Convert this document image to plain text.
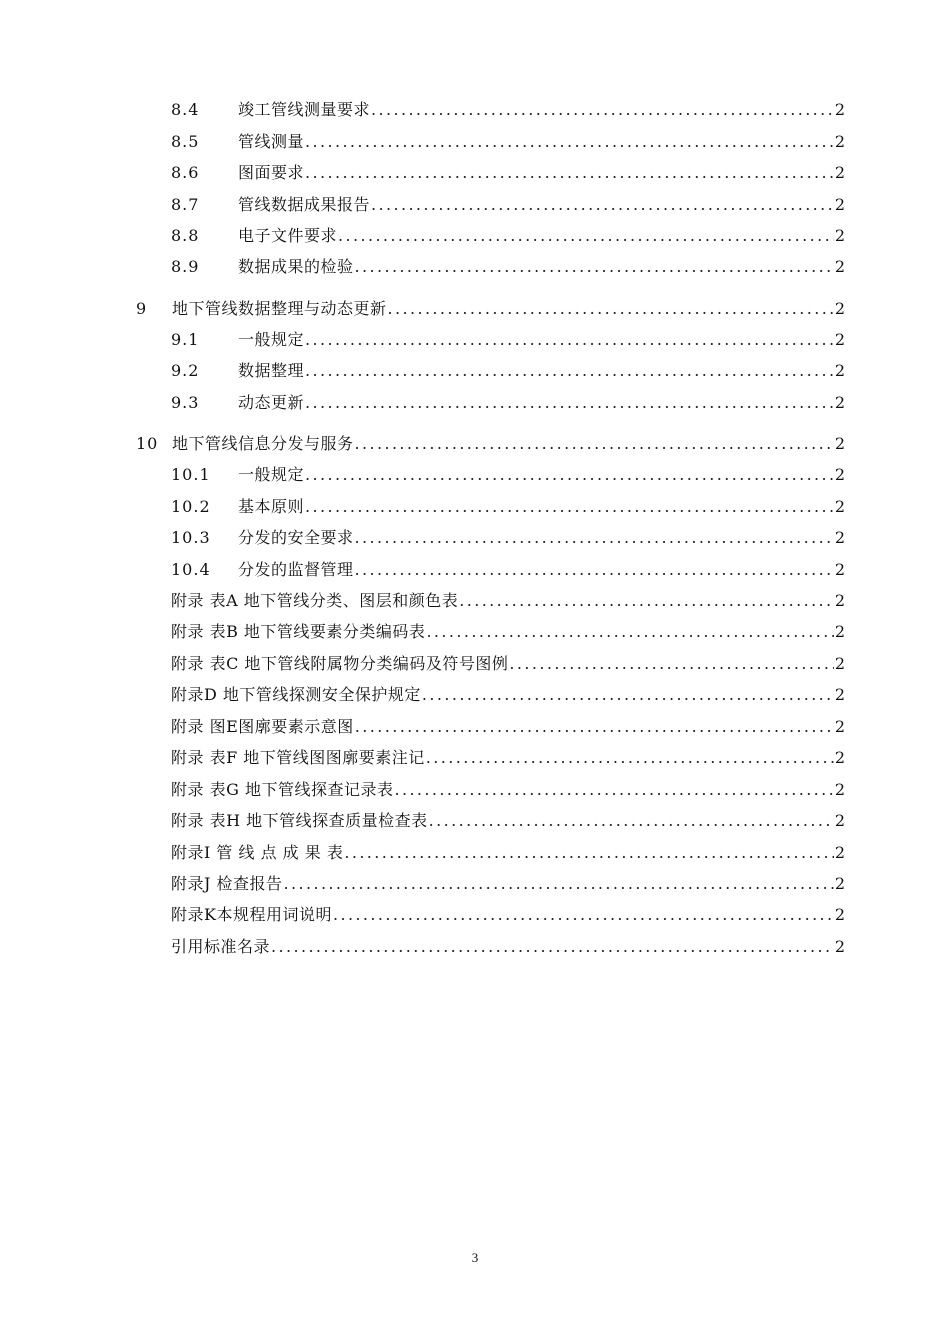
8.4	竣工管线测量要求 .....	2
8.5	管线测量 .....	2
8.6	图面要求 .....	2
8.7	管线数据成果报告 .....	2
8.8	电子文件要求 .....	2
8.9	数据成果的检验 .....	2
9	地下管线数据整理与动态更新 .....	2
9.1	一般规定 .....	2
9.2	数据整理 .....	2
9.3	动态更新 .....	2
10 地下管线信息分发与服务 .....	2
10.1	一般规定 .....	2
10.2	基本原则 .....	2
10.3	分发的安全要求 .....	2
10.4	分发的监督管理 .....	2
附录 表A 地下管线分类、图层和颜色表 .....	2
附录 表B 地下管线要素分类编码表 .....	2
附录 表C 地下管线附属物分类编码及符号图例 .....	2
附录D 地下管线探测安全保护规定 .....	2
附录 图E图廓要素示意图 .....	2
附录 表F 地下管线图图廓要素注记 .....	2
附录 表G 地下管线探查记录表 .....	2
附录 表H 地下管线探查质量检查表 .....	2
附录I 管 线 点 成 果 表 .....	2
附录J 检查报告 .....	2
附录K本规程用词说明 .....	2
引用标准名录 .....	2
3
